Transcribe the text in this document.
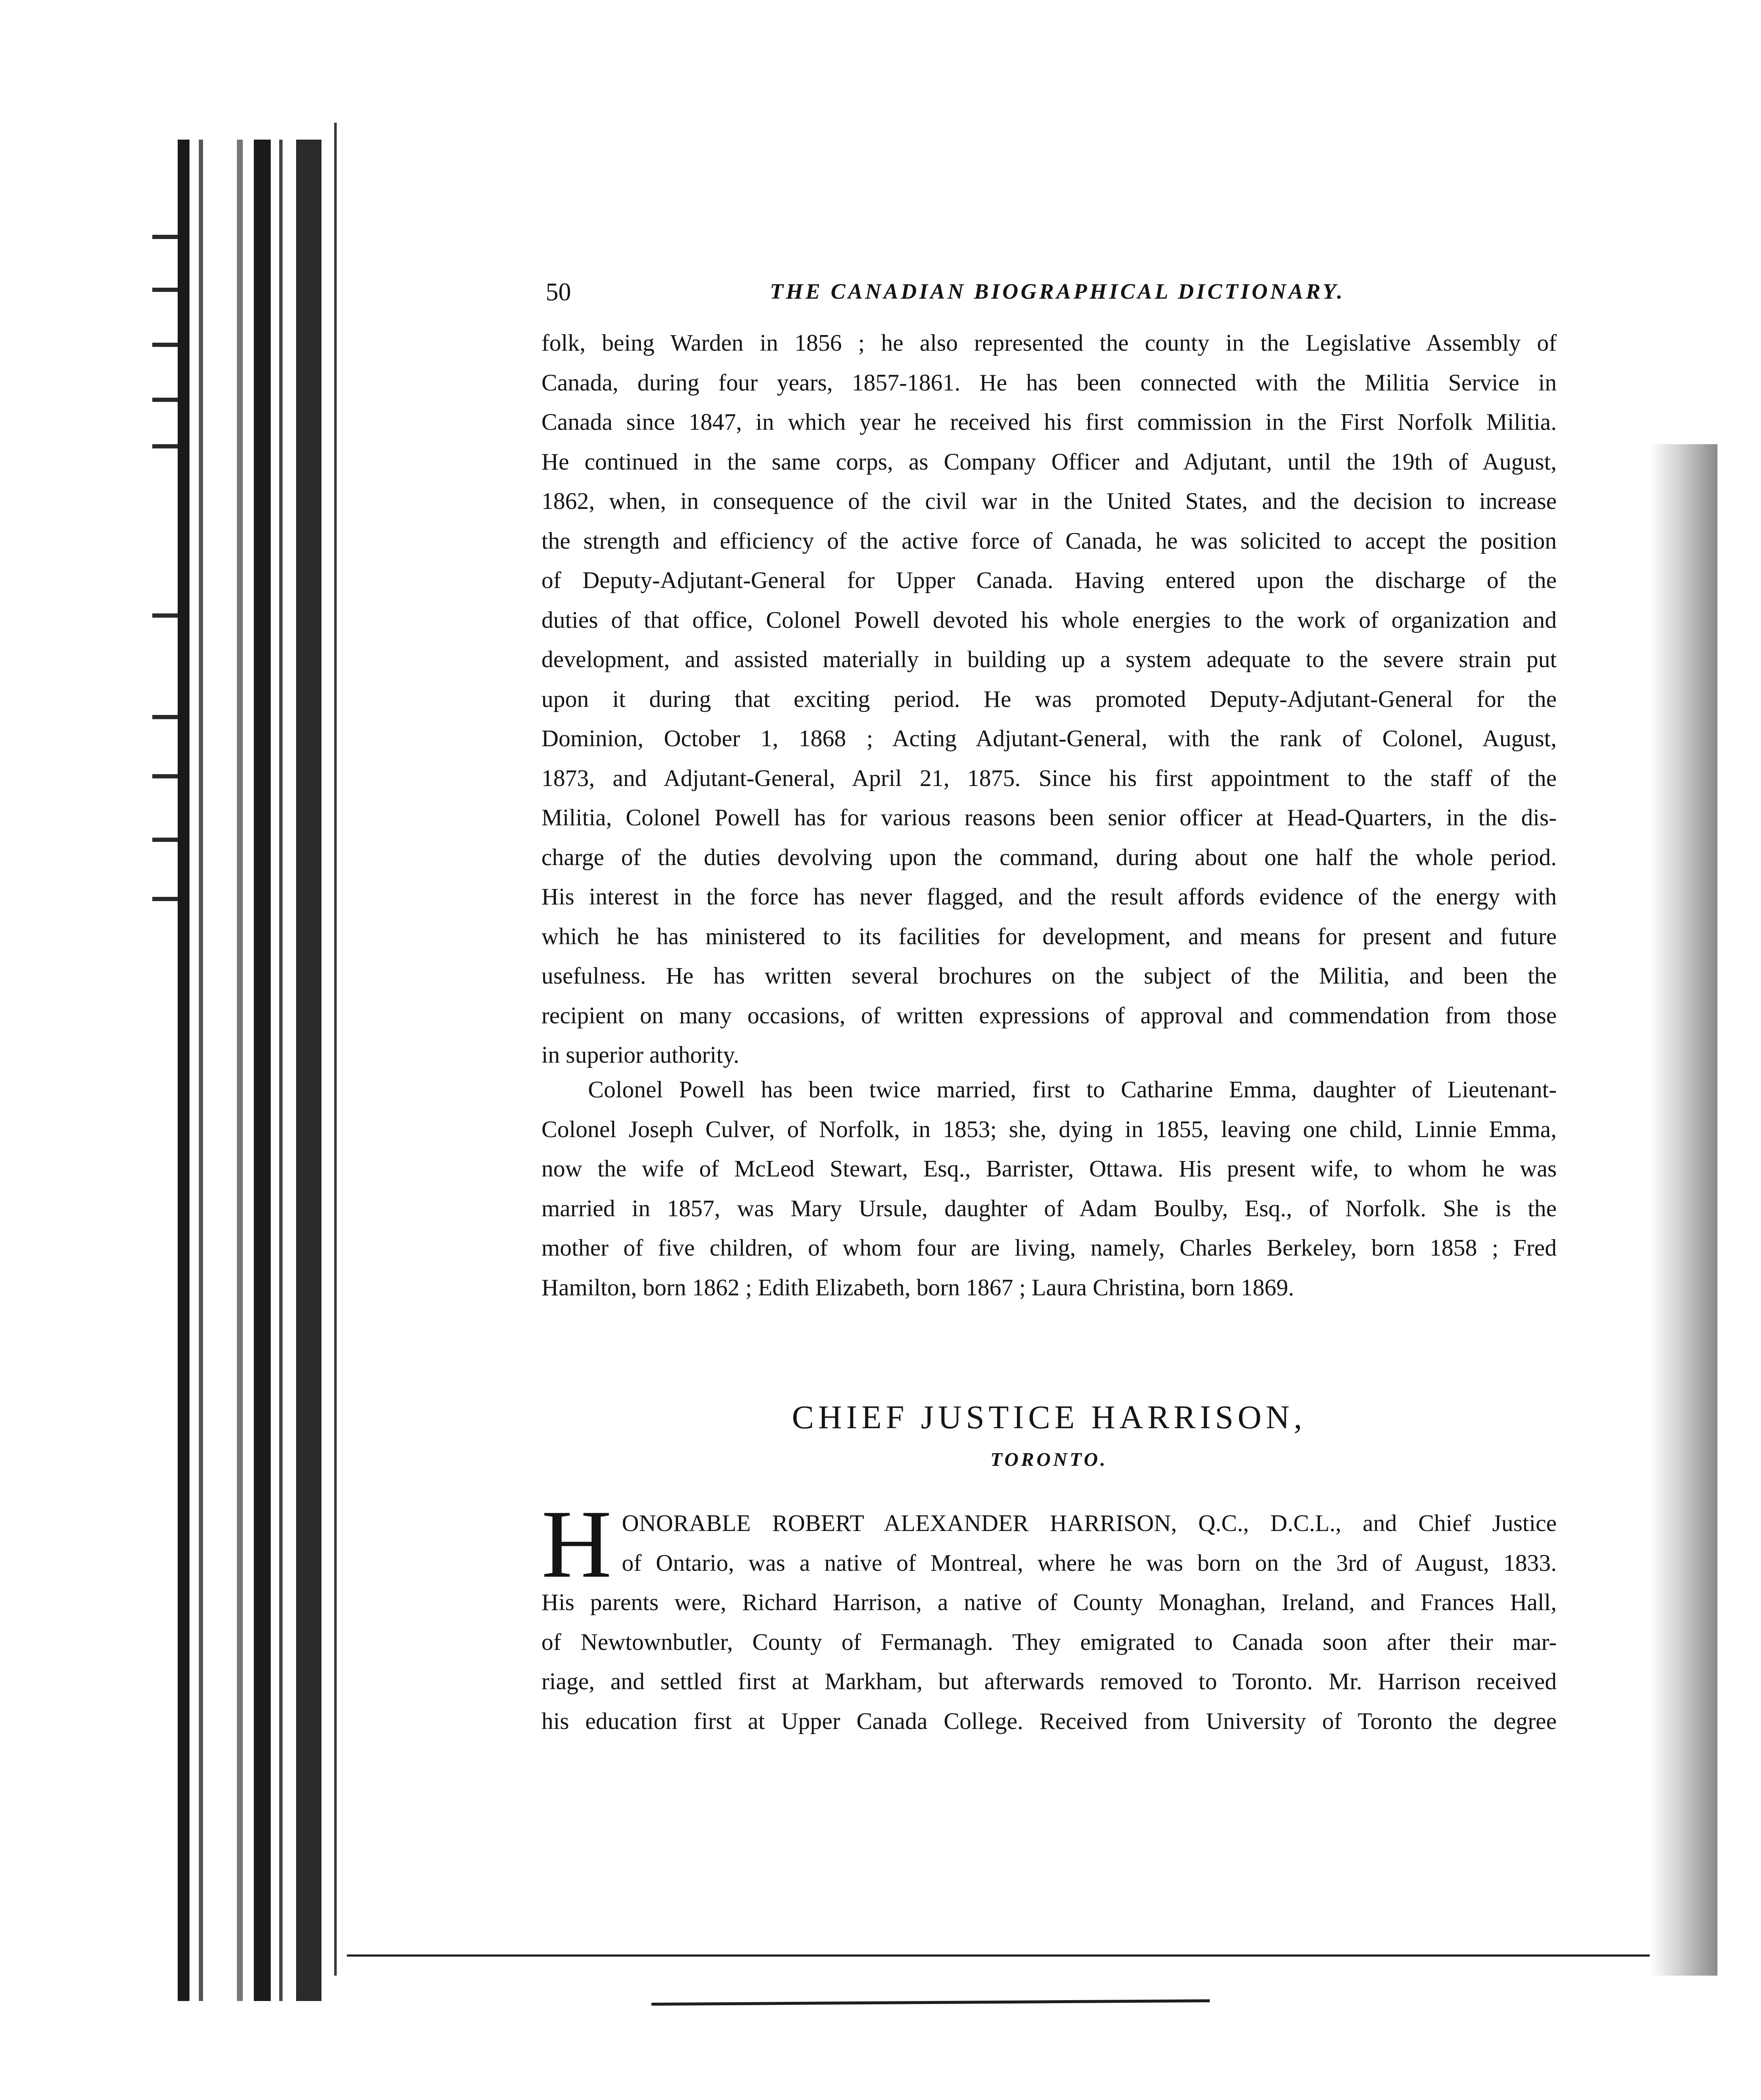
50	THE CANADIAN BIOGRAPHICAL DICTIONARY.
folk, being Warden in 1856 ; he also represented the county in the Legislative Assembly of
Canada, during four years, 1857-1861. He has been connected with the Militia Service in
Canada since 1847, in which year he received his first commission in the First Norfolk Militia.
He continued in the same corps, as Company Officer and Adjutant, until the 19th of August,
1862, when, in consequence of the civil war in the United States, and the decision to increase
the strength and efficiency of the active force of Canada, he was solicited to accept the position
of Deputy-Adjutant-General for Upper Canada. Having entered upon the discharge of the
duties of that office, Colonel Powell devoted his whole energies to the work of organization and
development, and assisted materially in building up a system adequate to the severe strain put
upon it during that exciting period. He was promoted Deputy-Adjutant-General for the
Dominion, October 1, 1868 ; Acting Adjutant-General, with the rank of Colonel, August,
1873, and Adjutant-General, April 21, 1875. Since his first appointment to the staff of the
Militia, Colonel Powell has for various reasons been senior officer at Head-Quarters, in the dis-
charge of the duties devolving upon the command, during about one half the whole period.
His interest in the force has never flagged, and the result affords evidence of the energy with
which he has ministered to its facilities for development, and means for present and future
usefulness. He has written several brochures on the subject of the Militia, and been the
recipient on many occasions, of written expressions of approval and commendation from those
in superior authority.
Colonel Powell has been twice married, first to Catharine Emma, daughter of Lieutenant-
Colonel Joseph Culver, of Norfolk, in 1853; she, dying in 1855, leaving one child, Linnie Emma,
now the wife of McLeod Stewart, Esq., Barrister, Ottawa. His present wife, to whom he was
married in 1857, was Mary Ursule, daughter of Adam Boulby, Esq., of Norfolk. She is the
mother of five children, of whom four are living, namely, Charles Berkeley, born 1858 ; Fred
Hamilton, born 1862 ; Edith Elizabeth, born 1867 ; Laura Christina, born 1869.
CHIEF JUSTICE HARRISON,
TORONTO.
H ONORABLE ROBERT ALEXANDER HARRISON, Q.C., D.C.L., and Chief Justice
of Ontario, was a native of Montreal, where he was born on the 3rd of August, 1833.
His parents were, Richard Harrison, a native of County Monaghan, Ireland, and Frances Hall,
of Newtownbutler, County of Fermanagh. They emigrated to Canada soon after their mar-
riage, and settled first at Markham, but afterwards removed to Toronto. Mr. Harrison received
his education first at Upper Canada College. Received from University of Toronto the degree
